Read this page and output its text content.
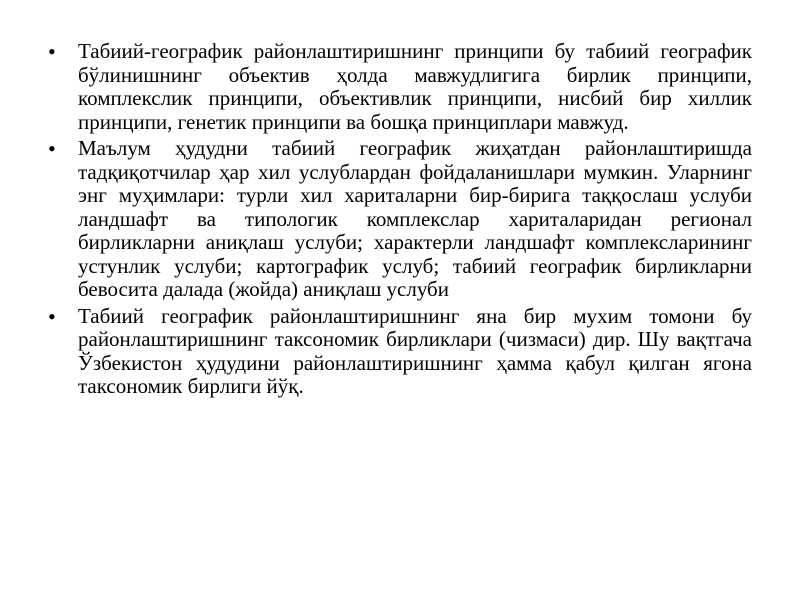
• Табиий-географик районлаштиришнинг принципи бу табиий географик бўлинишнинг объектив ҳолда мавжудлигига бирлик принципи, комплекслик принципи, объективлик принципи, нисбий бир хиллик принципи, генетик принципи ва бошқа принциплари мавжуд.
• Маълум ҳудудни табиий географик жиҳатдан районлаштиришда тадқиқотчилар ҳар хил услублардан фойдаланишлари мумкин. Уларнинг энг муҳимлари: турли хил хариталарни бир-бирига таққослаш услуби ландшафт ва типологик комплекслар хариталаридан регионал бирликларни аниқлаш услуби; характерли ландшафт комплексларининг устунлик услуби; картографик услуб; табиий географик бирликларни бевосита далада (жойда) аниқлаш услуби
• Табиий географик районлаштиришнинг яна бир мухим томони бу районлаштиришнинг таксономик бирликлари (чизмаси) дир. Шу вақтгача Ўзбекистон ҳудудини районлаштиришнинг ҳамма қабул қилган ягона таксономик бирлиги йўқ.
